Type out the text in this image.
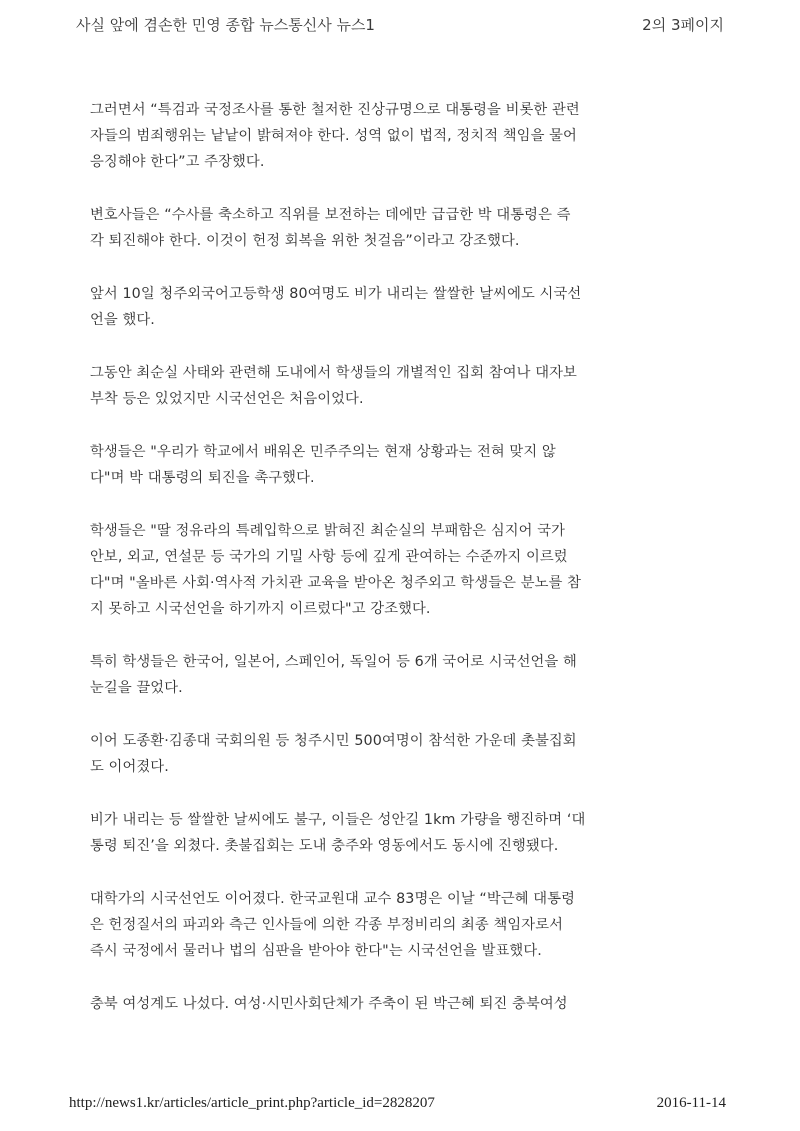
사실 앞에 겸손한 민영 종합 뉴스통신사 뉴스1	2의 3페이지

그러면서 “특검과 국정조사를 통한 철저한 진상규명으로 대통령을 비롯한 관련
자들의 범죄행위는 낱낱이 밝혀져야 한다. 성역 없이 법적, 정치적 책임을 물어
응징해야 한다”고 주장했다.

변호사들은 “수사를 축소하고 직위를 보전하는 데에만 급급한 박 대통령은 즉
각 퇴진해야 한다. 이것이 헌정 회복을 위한 첫걸음”이라고 강조했다.

앞서 10일 청주외국어고등학생 80여명도 비가 내리는 쌀쌀한 날씨에도 시국선
언을 했다.

그동안 최순실 사태와 관련해 도내에서 학생들의 개별적인 집회 참여나 대자보
부착 등은 있었지만 시국선언은 처음이었다.

학생들은 "우리가 학교에서 배워온 민주주의는 현재 상황과는 전혀 맞지 않
다"며 박 대통령의 퇴진을 촉구했다.

학생들은 "딸 정유라의 특례입학으로 밝혀진 최순실의 부패함은 심지어 국가
안보, 외교, 연설문 등 국가의 기밀 사항 등에 깊게 관여하는 수준까지 이르렀
다"며 "올바른 사회·역사적 가치관 교육을 받아온 청주외고 학생들은 분노를 참
지 못하고 시국선언을 하기까지 이르렀다"고 강조했다.

특히 학생들은 한국어, 일본어, 스페인어, 독일어 등 6개 국어로 시국선언을 해
눈길을 끌었다.

이어 도종환·김종대 국회의원 등 청주시민 500여명이 참석한 가운데 촛불집회
도 이어졌다.

비가 내리는 등 쌀쌀한 날씨에도 불구, 이들은 성안길 1km 가량을 행진하며 ‘대
통령 퇴진’을 외쳤다. 촛불집회는 도내 충주와 영동에서도 동시에 진행됐다.

대학가의 시국선언도 이어졌다. 한국교원대 교수 83명은 이날 “박근혜 대통령
은 헌정질서의 파괴와 측근 인사들에 의한 각종 부정비리의 최종 책임자로서
즉시 국정에서 물러나 법의 심판을 받아야 한다"는 시국선언을 발표했다.

충북 여성계도 나섰다. 여성·시민사회단체가 주축이 된 박근혜 퇴진 충북여성

http://news1.kr/articles/article_print.php?article_id=2828207	2016-11-14
